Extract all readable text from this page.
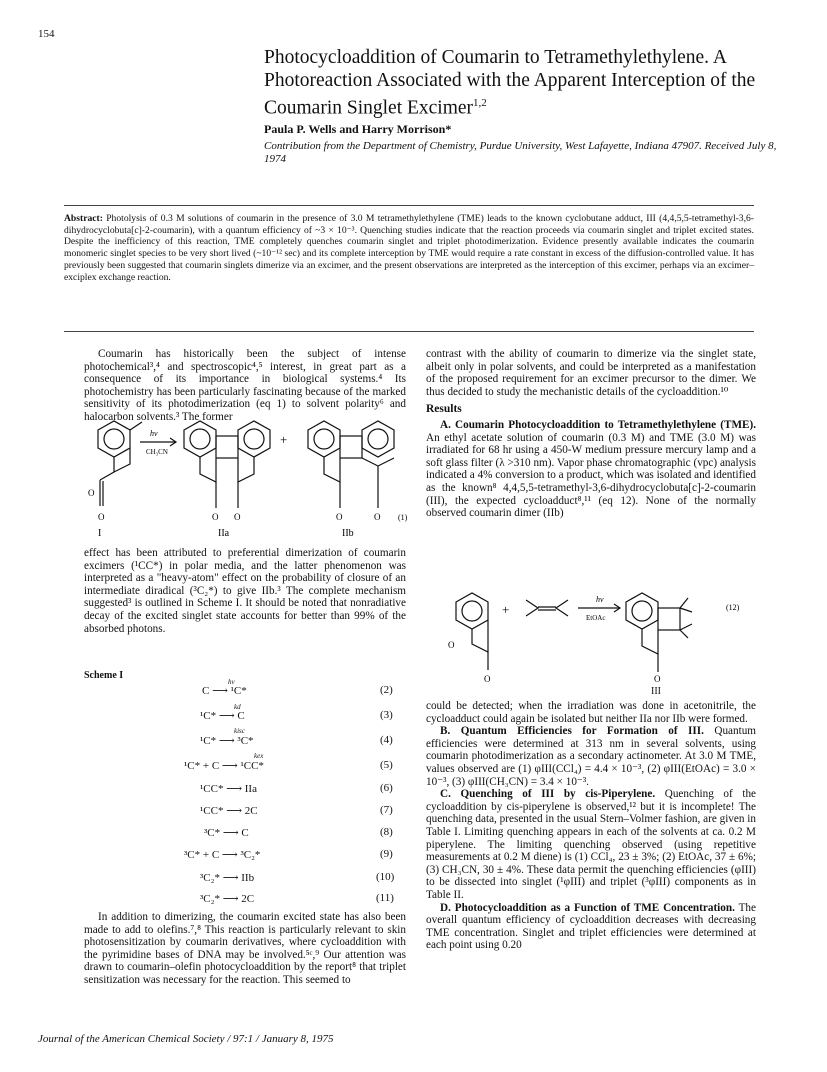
154
Photocycloaddition of Coumarin to Tetramethylethylene. A Photoreaction Associated with the Apparent Interception of the Coumarin Singlet Excimer$^{1,2}$
Paula P. Wells and Harry Morrison*
Contribution from the Department of Chemistry, Purdue University, West Lafayette, Indiana 47907. Received July 8, 1974
Abstract: Photolysis of 0.3 M solutions of coumarin in the presence of 3.0 M tetramethylethylene (TME) leads to the known cyclobutane adduct, III (4,4,5,5-tetramethyl-3,6-dihydrocyclobuta[c]-2-coumarin), with a quantum efficiency of ~3 × 10⁻³. Quenching studies indicate that the reaction proceeds via coumarin singlet and triplet excited states. Despite the inefficiency of this reaction, TME completely quenches coumarin singlet and triplet photodimerization. Evidence presently available indicates the coumarin monomeric singlet species to be very short lived (~10⁻¹² sec) and its complete interception by TME would require a rate constant in excess of the diffusion-controlled value. It has previously been suggested that coumarin singlets dimerize via an excimer, and the present observations are interpreted as the interception of this excimer, perhaps via an excimer–exciplex exchange reaction.

Coumarin has historically been the subject of intense photochemical³,⁴ and spectroscopic⁴,⁵ interest, in great part as a consequence of its importance in biological systems.⁴ Its photochemistry has been particularly fascinating because of the marked sensitivity of its photodimerization (eq 1) to solvent polarity⁶ and halocarbon solvents.³ The former

hν
CH₃CN
+
O
O	O O	O	O (1)
I	IIa	IIb

effect has been attributed to preferential dimerization of coumarin excimers (¹CC*) in polar media, and the latter phenomenon was interpreted as a "heavy-atom" effect on the probability of closure of an intermediate diradical (³C₂*) to give IIb.³ The complete mechanism suggested³ is outlined in Scheme I. It should be noted that nonradiative decay of the excited singlet state accounts for better than 99% of the absorbed photons.

Scheme I
hν
C ⟶ ¹C*	(2)
kd
¹C* ⟶ C	(3)
kisc
¹C* ⟶ ³C*	(4)
kex
¹C* + C ⟶ ¹CC*	(5)
¹CC* ⟶ IIa	(6)
¹CC* ⟶ 2C	(7)
³C* ⟶ C	(8)
³C* + C ⟶ ³C₂*	(9)
³C₂* ⟶ IIb	(10)
³C₂* ⟶ 2C	(11)

In addition to dimerizing, the coumarin excited state has also been made to add to olefins.⁷,⁸ This reaction is particularly relevant to skin photosensitization by coumarin derivatives, where cycloaddition with the pyrimidine bases of DNA may be involved.⁵ᶜ,⁹ Our attention was drawn to coumarin–olefin photocycloaddition by the report⁸ that triplet sensitization was necessary for the reaction. This seemed to

contrast with the ability of coumarin to dimerize via the singlet state, albeit only in polar solvents, and could be interpreted as a manifestation of the proposed requirement for an excimer precursor to the dimer. We thus decided to study the mechanistic details of the cycloaddition.¹⁰

Results

A. Coumarin Photocycloaddition to Tetramethylethylene (TME). An ethyl acetate solution of coumarin (0.3 M) and TME (3.0 M) was irradiated for 68 hr using a 450-W medium pressure mercury lamp and a soft glass filter (λ >310 nm). Vapor phase chromatographic (vpc) analysis indicated a 4% conversion to a product, which was isolated and identified as the known⁸ 4,4,5,5-tetramethyl-3,6-dihydrocyclobuta[c]-2-coumarin (III), the expected cycloadduct⁸,¹¹ (eq 12). None of the normally observed coumarin dimer (IIb)

hν
EtOAc
+
O
O	O
(12)
III

could be detected; when the irradiation was done in acetonitrile, the cycloadduct could again be isolated but neither IIa nor IIb were formed.

B. Quantum Efficiencies for Formation of III. Quantum efficiencies were determined at 313 nm in several solvents, using coumarin photodimerization as a secondary actinometer. At 3.0 M TME, values observed are (1) φIII(CCl₄) = 4.4 × 10⁻³, (2) φIII(EtOAc) = 3.0 × 10⁻³, (3) φIII(CH₃CN) = 3.4 × 10⁻³.

C. Quenching of III by cis-Piperylene. Quenching of the cycloaddition by cis-piperylene is observed,¹² but it is incomplete! The quenching data, presented in the usual Stern–Volmer fashion, are given in Table I. Limiting quenching appears in each of the solvents at ca. 0.2 M piperylene. The limiting quenching observed (using repetitive measurements at 0.2 M diene) is (1) CCl₄, 23 ± 3%; (2) EtOAc, 37 ± 6%; (3) CH₃CN, 30 ± 4%. These data permit the quenching efficiencies (φIII) to be dissected into singlet (¹φIII) and triplet (³φIII) components as in Table II.

D. Photocycloaddition as a Function of TME Concentration. The overall quantum efficiency of cycloaddition decreases with decreasing TME concentration. Singlet and triplet efficiencies were determined at each point using 0.20

Journal of the American Chemical Society / 97:1 / January 8, 1975
